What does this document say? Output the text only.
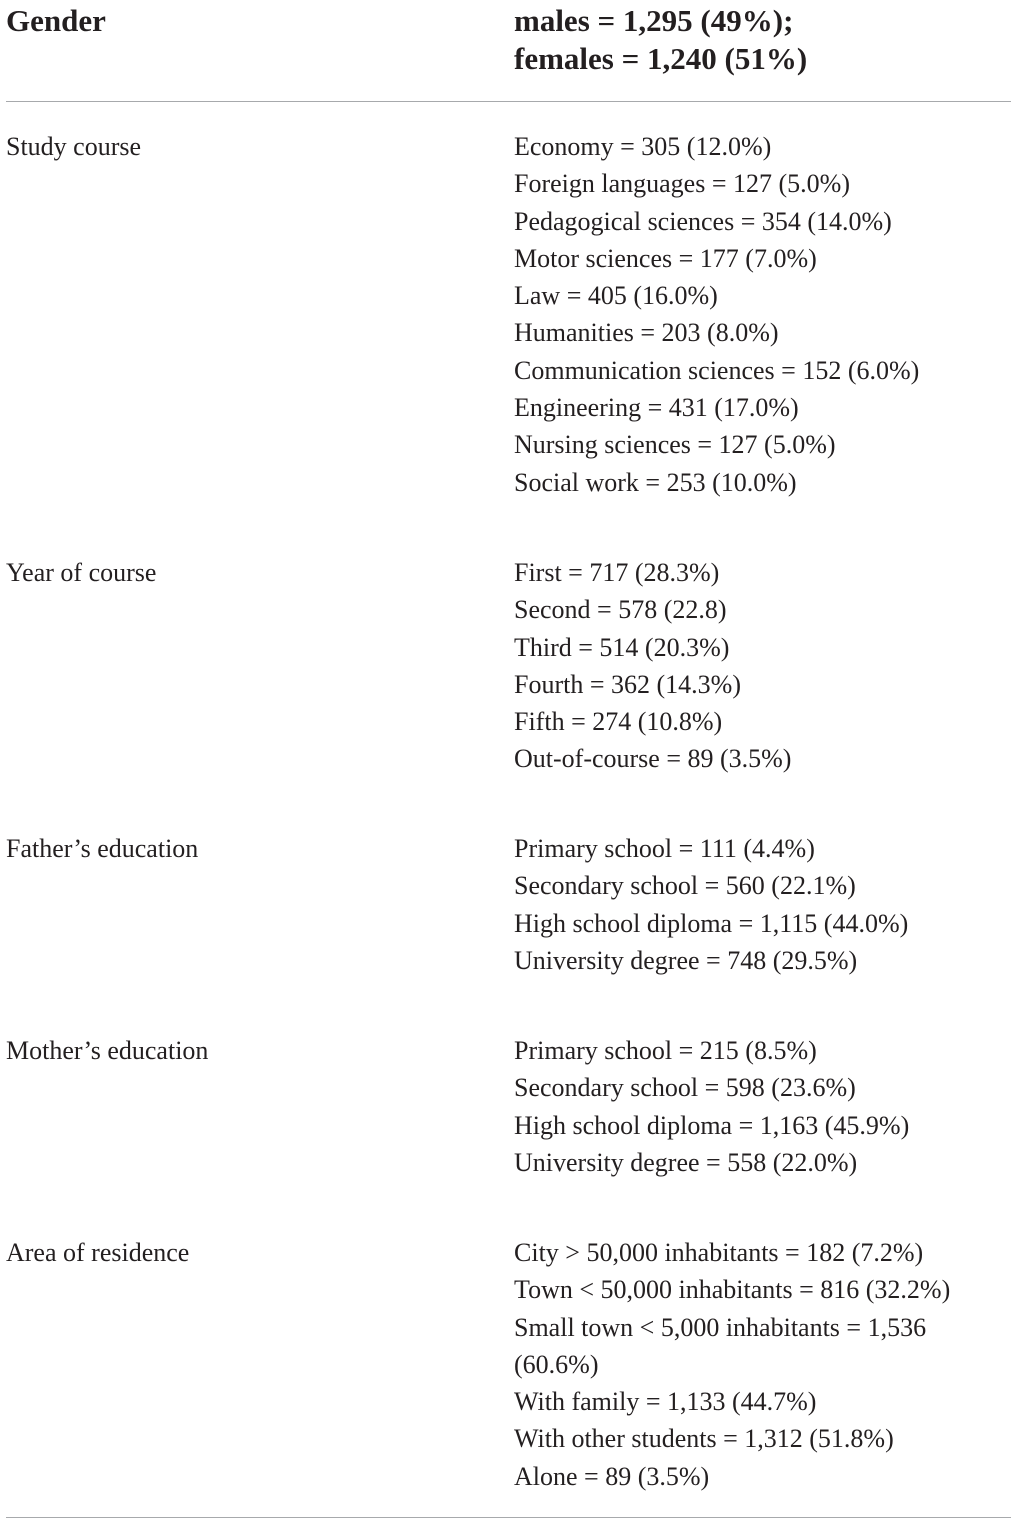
Gender	males = 1,295 (49%);
females = 1,240 (51%)
Study course	Economy = 305 (12.0%)
Foreign languages = 127 (5.0%)
Pedagogical sciences = 354 (14.0%)
Motor sciences = 177 (7.0%)
Law = 405 (16.0%)
Humanities = 203 (8.0%)
Communication sciences = 152 (6.0%)
Engineering = 431 (17.0%)
Nursing sciences = 127 (5.0%)
Social work = 253 (10.0%)
Year of course	First = 717 (28.3%)
Second = 578 (22.8)
Third = 514 (20.3%)
Fourth = 362 (14.3%)
Fifth = 274 (10.8%)
Out-of-course = 89 (3.5%)
Father’s education	Primary school = 111 (4.4%)
Secondary school = 560 (22.1%)
High school diploma = 1,115 (44.0%)
University degree = 748 (29.5%)
Mother’s education	Primary school = 215 (8.5%)
Secondary school = 598 (23.6%)
High school diploma = 1,163 (45.9%)
University degree = 558 (22.0%)
Area of residence	City > 50,000 inhabitants = 182 (7.2%)
Town < 50,000 inhabitants = 816 (32.2%)
Small town < 5,000 inhabitants = 1,536 (60.6%)
With family = 1,133 (44.7%)
With other students = 1,312 (51.8%)
Alone = 89 (3.5%)
